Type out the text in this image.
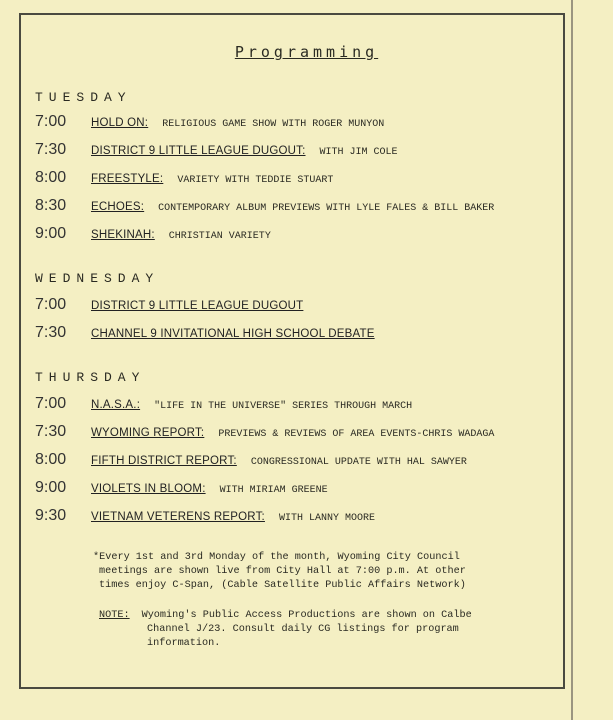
Programming
TUESDAY
7:00	HOLD ON: RELIGIOUS GAME SHOW WITH ROGER MUNYON
7:30	DISTRICT 9 LITTLE LEAGUE DUGOUT: WITH JIM COLE
8:00	FREESTYLE: VARIETY WITH TEDDIE STUART
8:30	ECHOES: CONTEMPORARY ALBUM PREVIEWS WITH LYLE FALES & BILL BAKER
9:00	SHEKINAH: CHRISTIAN VARIETY
WEDNESDAY
7:00	DISTRICT 9 LITTLE LEAGUE DUGOUT
7:30	CHANNEL 9 INVITATIONAL HIGH SCHOOL DEBATE
THURSDAY
7:00	N.A.S.A.: "LIFE IN THE UNIVERSE" SERIES THROUGH MARCH
7:30	WYOMING REPORT: PREVIEWS & REVIEWS OF AREA EVENTS-CHRIS WADAGA
8:00	FIFTH DISTRICT REPORT: CONGRESSIONAL UPDATE WITH HAL SAWYER
9:00	VIOLETS IN BLOOM: WITH MIRIAM GREENE
9:30	VIETNAM VETERENS REPORT: WITH LANNY MOORE
*Every 1st and 3rd Monday of the month, Wyoming City Council
meetings are shown live from City Hall at 7:00 p.m. At other
times enjoy C-Span, (Cable Satellite Public Affairs Network)
NOTE: Wyoming's Public Access Productions are shown on Calbe
Channel J/23. Consult daily CG listings for program
information.
